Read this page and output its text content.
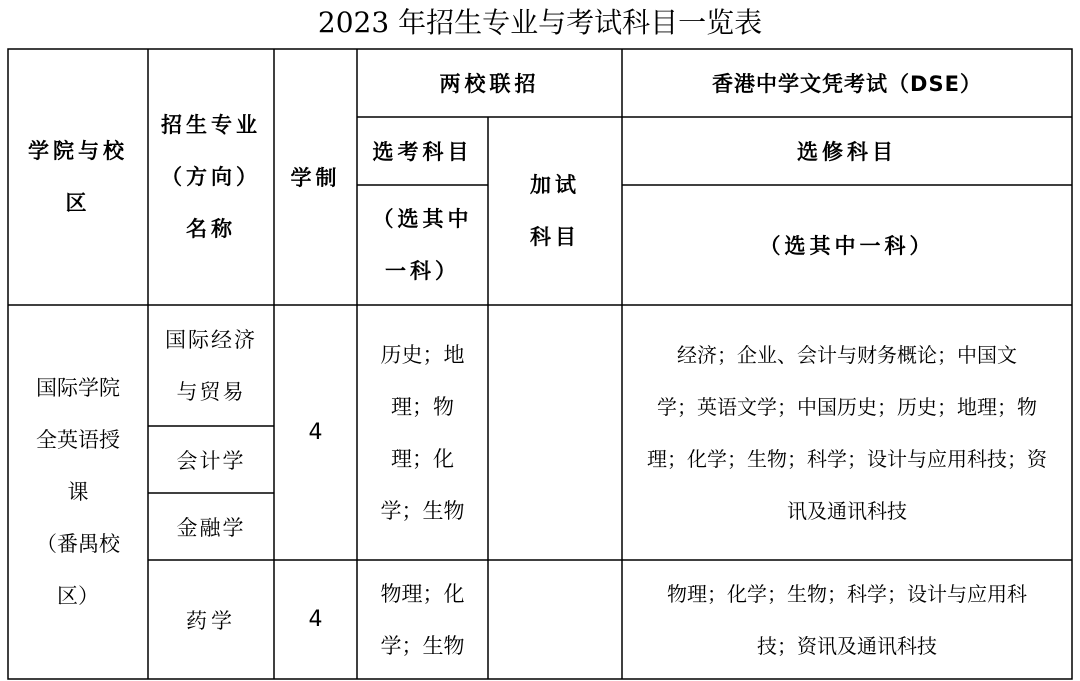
2023 年招生专业与考试科目一览表
学院与校
区
招生专业
（方向）
名称
学制
两校联招	香港中学文凭考试（DSE）
选考科目
（选其中
一科）
加试
科目
选修科目
（选其中一科）
国际学院
全英语授
课
（番禺校
区）
国际经济
与贸易
会计学
金融学
4
历史；地
理；物
理；化
学；生物
经济；企业、会计与财务概论；中国文
学；英语文学；中国历史；历史；地理；物
理；化学；生物；科学；设计与应用科技；资
讯及通讯科技
药学	4
物理；化
学；生物
物理；化学；生物；科学；设计与应用科
技；资讯及通讯科技
